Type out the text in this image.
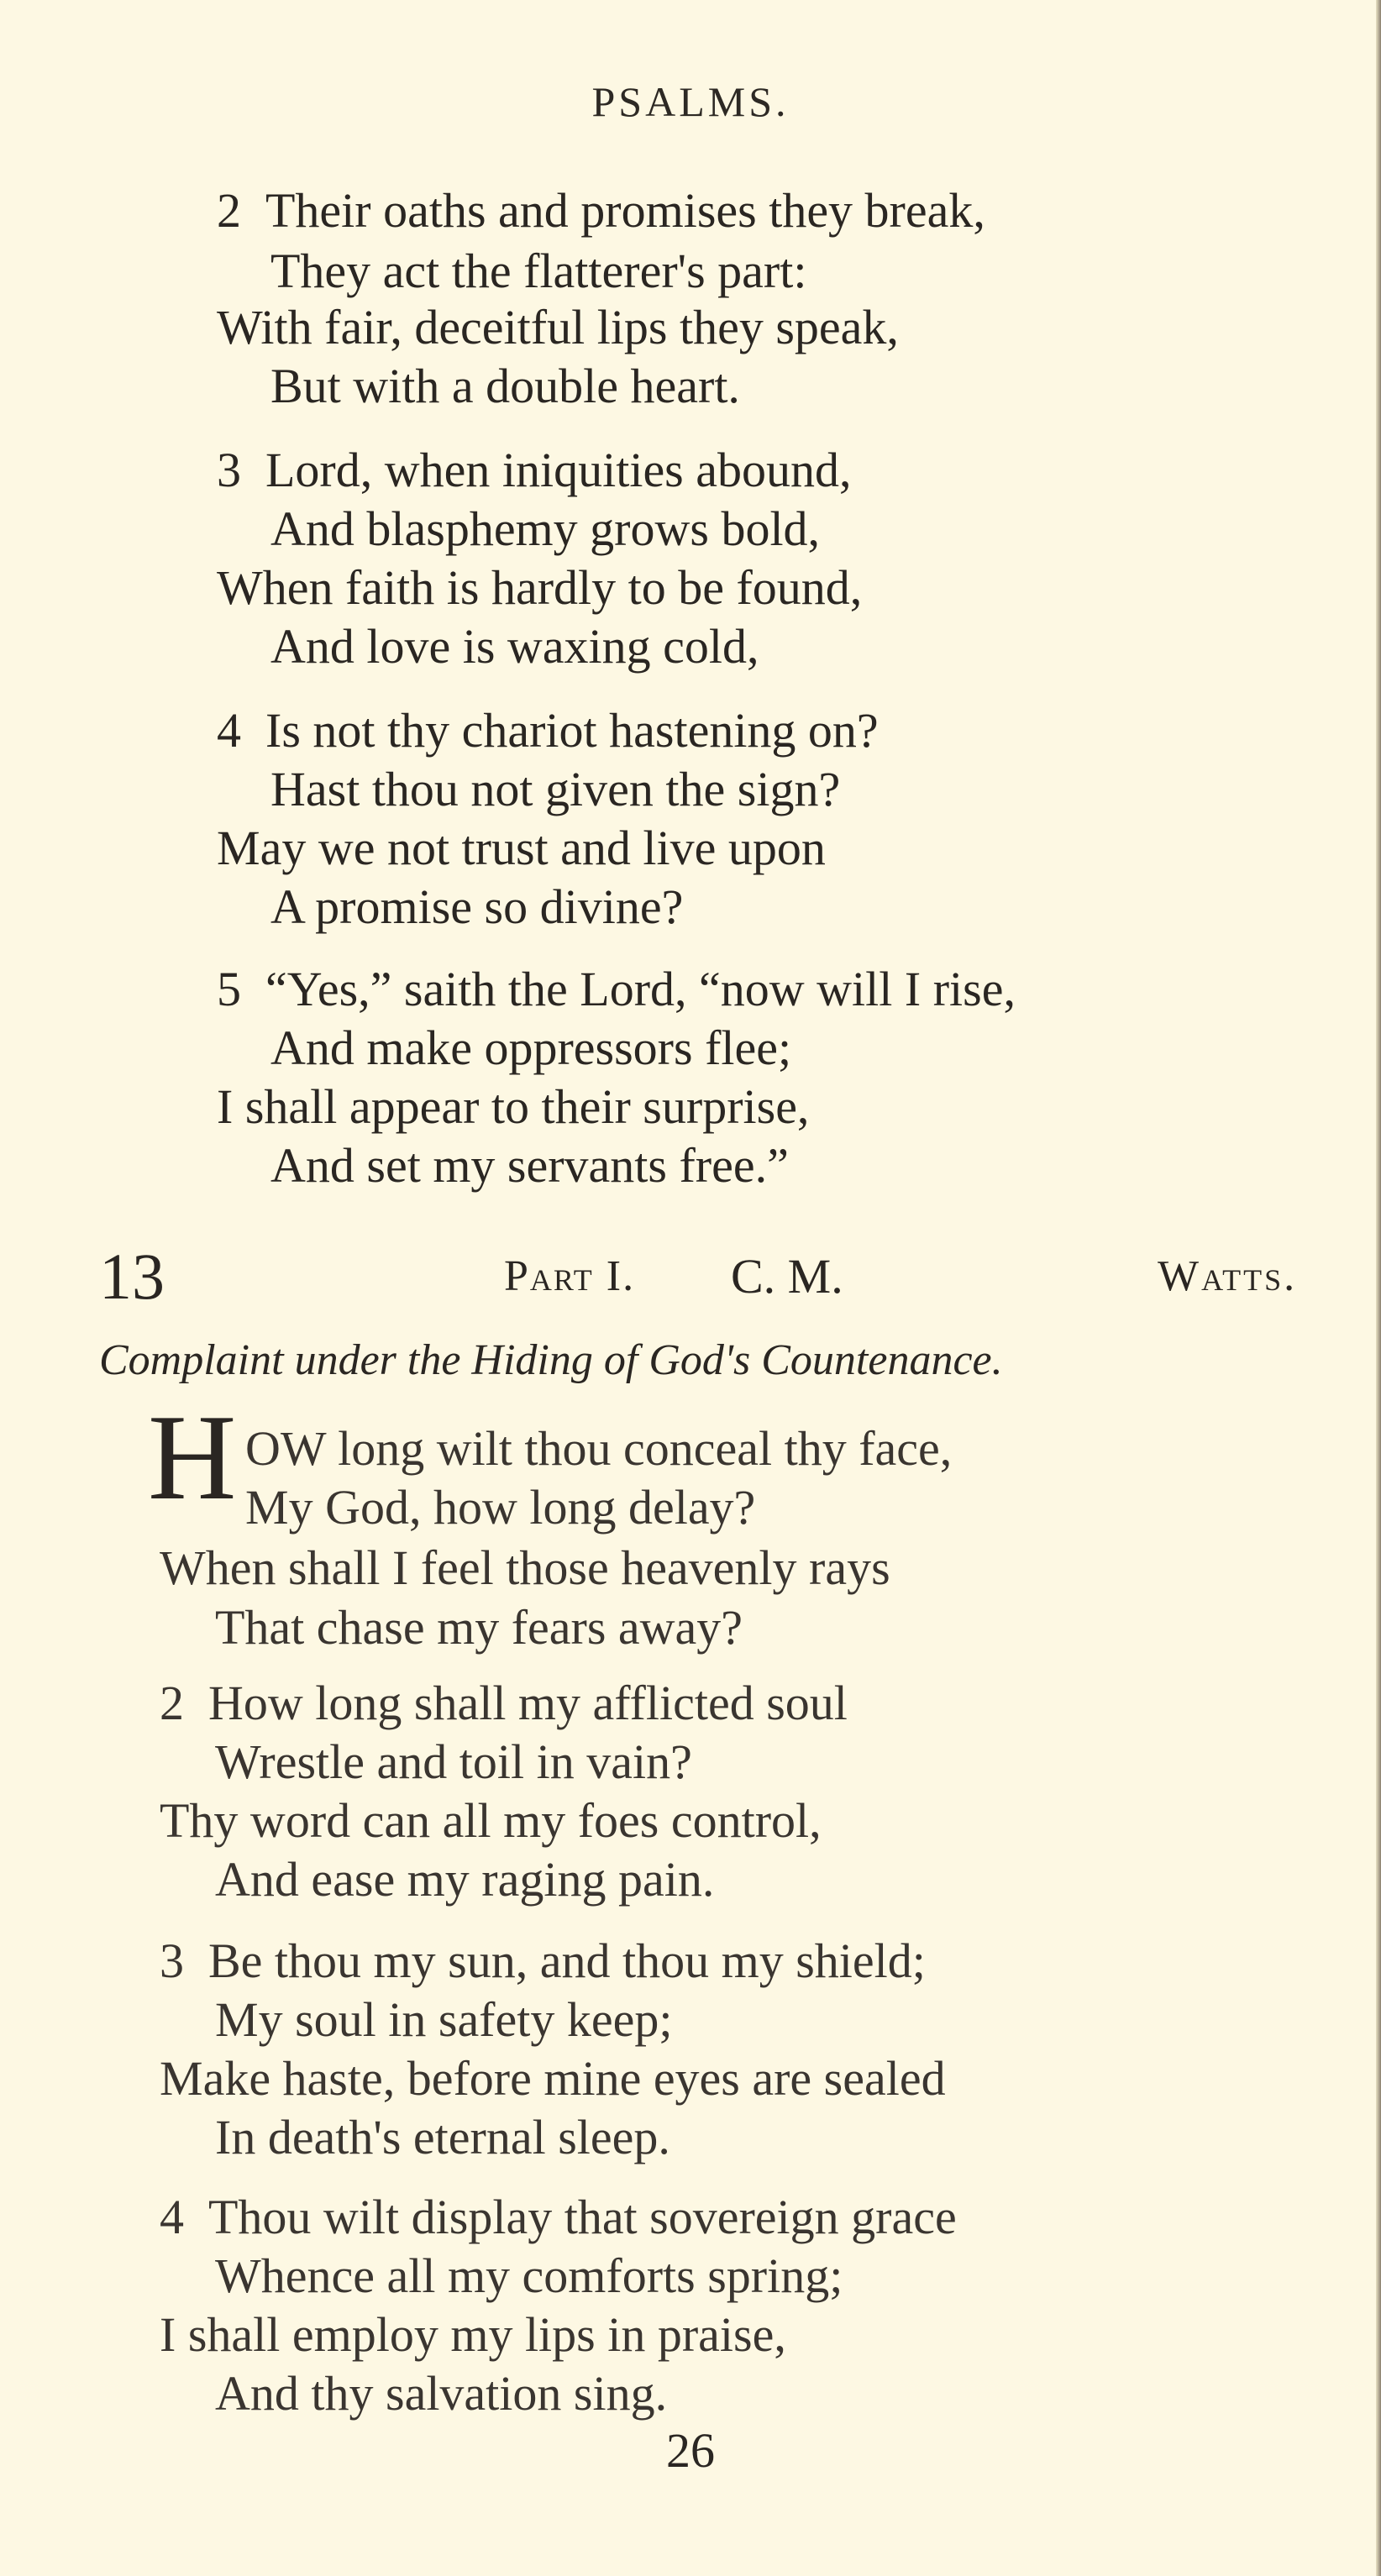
PSALMS.
2 Their oaths and promises they break,
They act the flatterer's part:
With fair, deceitful lips they speak,
But with a double heart.
3 Lord, when iniquities abound,
And blasphemy grows bold,
When faith is hardly to be found,
And love is waxing cold,
4 Is not thy chariot hastening on?
Hast thou not given the sign?
May we not trust and live upon
A promise so divine?
5 “Yes,” saith the Lord, “now will I rise,
And make oppressors flee;
I shall appear to their surprise,
And set my servants free.”
13	Part I. C. M.	Watts.
Complaint under the Hiding of God's Countenance.
H OW long wilt thou conceal thy face,
My God, how long delay?
When shall I feel those heavenly rays
That chase my fears away?
2 How long shall my afflicted soul
Wrestle and toil in vain?
Thy word can all my foes control,
And ease my raging pain.
3 Be thou my sun, and thou my shield;
My soul in safety keep;
Make haste, before mine eyes are sealed
In death's eternal sleep.
4 Thou wilt display that sovereign grace
Whence all my comforts spring;
I shall employ my lips in praise,
And thy salvation sing.
26
